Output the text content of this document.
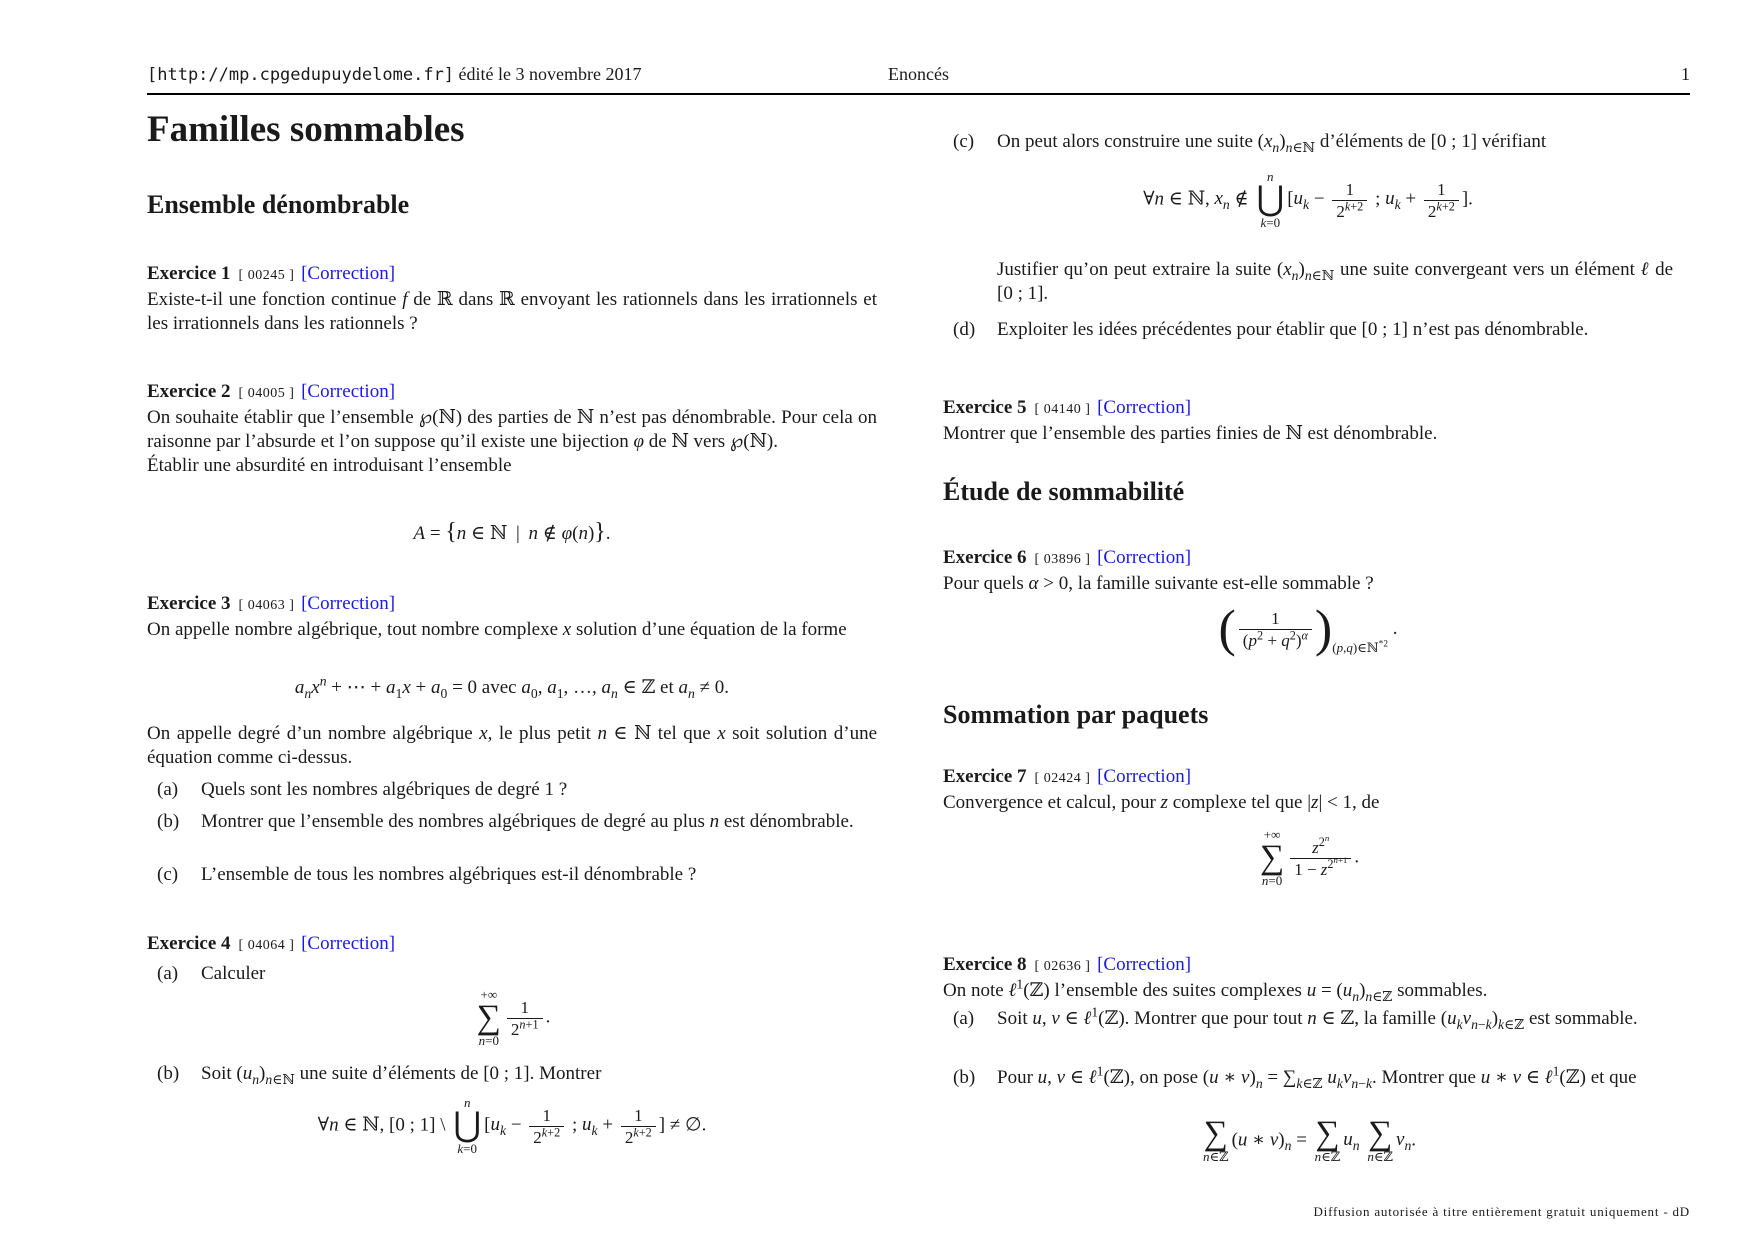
[http://mp.cpgedupuydelome.fr] édité le 3 novembre 2017	Enoncés	1
Familles sommables
Ensemble dénombrable
Exercice 1 [ 00245 ] [Correction]

Existe-t-il une fonction continue f de ℝ dans ℝ envoyant les rationnels dans les irrationnels et les irrationnels dans les rationnels ?

Exercice 2 [ 04005 ] [Correction]

On souhaite établir que l’ensemble ℘(ℕ) des parties de ℕ n’est pas dénombrable. Pour cela on raisonne par l’absurde et l’on suppose qu’il existe une bijection φ de ℕ vers ℘(ℕ).
Établir une absurdité en introduisant l’ensemble

A = {n ∈ ℕ | n ∉ φ(n)}.
Exercice 3 [ 04063 ] [Correction]

On appelle nombre algébrique, tout nombre complexe x solution d’une équation de la forme

$a_nx^n$ + ⋯ + $a_1x + a_0 = 0$ avec $a_0$, $a_1$, …, $a_n$ ∈ ℤ et $a_n \ne 0$.

On appelle degré d’un nombre algébrique x, le plus petit n ∈ ℕ tel que x soit solution d’une équation comme ci-dessus.

(a)	Quels sont les nombres algébriques de degré 1 ?
(b)	Montrer que l’ensemble des nombres algébriques de degré au plus n est dénombrable.
(c)	L’ensemble de tous les nombres algébriques est-il dénombrable ?
Exercice 4 [ 04064 ] [Correction]
(a)	Calculer
+∞
∑
n=0
$\frac{1}{2^{n+1}}$ .
(b)	Soit $(u_n)_{n\in ℕ}$ une suite d’éléments de [0 ; 1]. Montrer
∀n ∈ ℕ, [0 ; 1] \
n
⋃
k=0
[$u_k - \frac{1}{2^{k+2}}$ ; $u_k + \frac{1}{2^{k+2}}$ ] ≠ ∅.
(c)	On peut alors construire une suite $(x_n)_{n\in ℕ}$ d’éléments de [0 ; 1] vérifiant
∀n ∈ ℕ, $x_n$ ∉
n
⋃
k=0
[$u_k - \frac{1}{2^{k+2}}$ ; $u_k + \frac{1}{2^{k+2}}$ ].

Justifier qu’on peut extraire la suite $(x_n)_{n\in ℕ}$ une suite convergeant vers un élément ℓ de [0 ; 1].

(d)	Exploiter les idées précédentes pour établir que [0 ; 1] n’est pas dénombrable.
Exercice 5 [ 04140 ] [Correction]

Montrer que l’ensemble des parties finies de ℕ est dénombrable.

Étude de sommabilité
Exercice 6 [ 03896 ] [Correction]

Pour quels α > 0, la famille suivante est-elle sommable ?

( $\frac{1}{(p^2 + q^2)^\alpha}$ )(p,q)∈ℕ$^{*2}$ .
Sommation par paquets
Exercice 7 [ 02424 ] [Correction]

Convergence et calcul, pour z complexe tel que |z| < 1, de

+∞
∑
n=0
$\frac{z^{2^n}}{1 - z^{2^{n+1}}}$ .
Exercice 8 [ 02636 ] [Correction]

On note ℓ$^1$(ℤ) l’ensemble des suites complexes $u = (u_n)_{n\in ℤ}$ sommables.

(a)	Soit u, v ∈ ℓ$^1$(ℤ). Montrer que pour tout n ∈ ℤ, la famille $(u_kv_{n-k})_{k\in ℤ}$ est sommable.
(b)	Pour u, v ∈ ℓ$^1$(ℤ), on pose (u ∗ $v)_n = \sum_{k\in ℤ}$ $u_kv_{n-k}$. Montrer que u ∗ v ∈ ℓ$^1$(ℤ) et que
∑
n∈ℤ
(u ∗ $v)_n$ = ∑
n∈ℤ
$u_n$ ∑
n∈ℤ
$v_n$.
Diffusion autorisée à titre entièrement gratuit uniquement - dD
